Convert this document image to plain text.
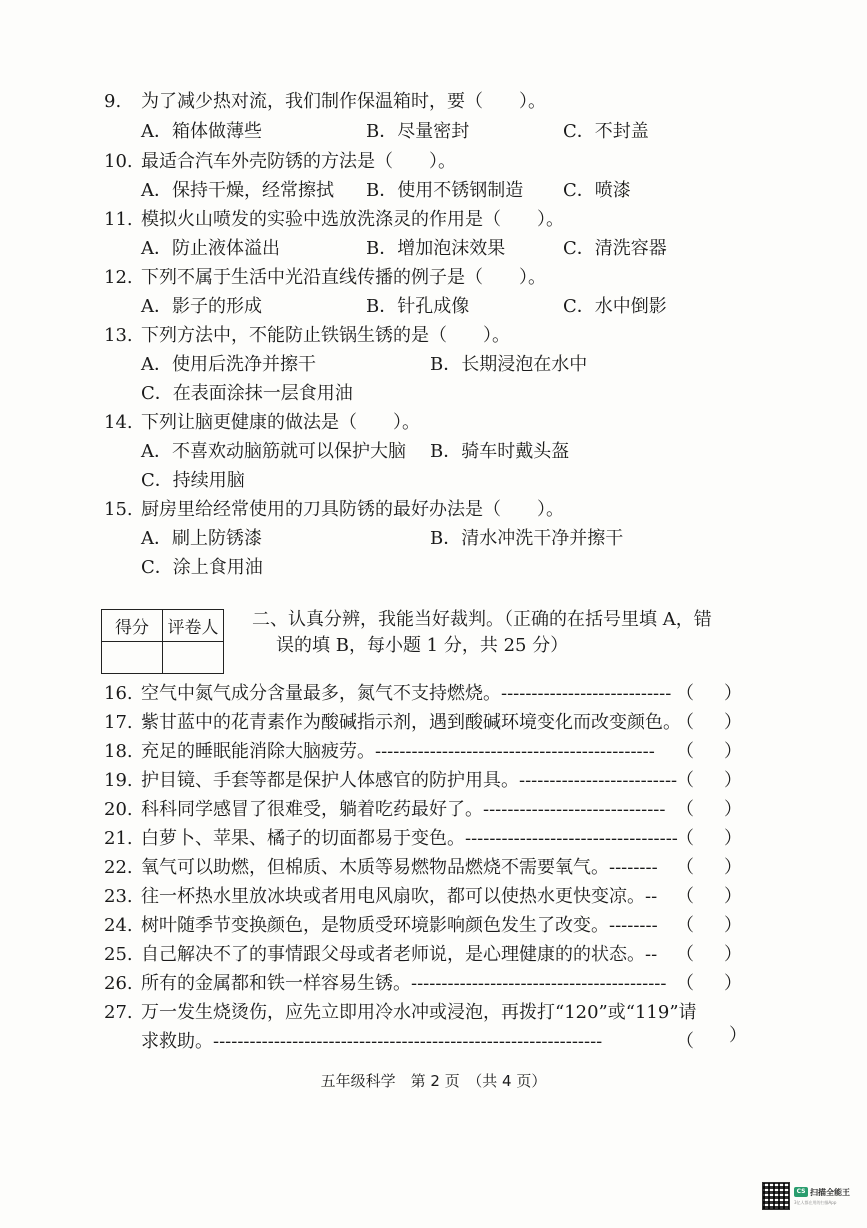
9. 为了减少热对流，我们制作保温箱时，要（　　）。
A．箱体做薄些	B．尽量密封	C．不封盖
10. 最适合汽车外壳防锈的方法是（　　）。
A．保持干燥，经常擦拭 B．使用不锈钢制造 C．喷漆
11. 模拟火山喷发的实验中选放洗涤灵的作用是（　　）。
A．防止液体溢出	B．增加泡沫效果	C．清洗容器
12. 下列不属于生活中光沿直线传播的例子是（　　）。
A．影子的形成	B．针孔成像	C．水中倒影
13. 下列方法中，不能防止铁锅生锈的是（　　）。
A．使用后洗净并擦干	B．长期浸泡在水中
C．在表面涂抹一层食用油
14. 下列让脑更健康的做法是（　　）。
A．不喜欢动脑筋就可以保护大脑 B．骑车时戴头盔
C．持续用脑
15. 厨房里给经常使用的刀具防锈的最好办法是（　　）。
A．刷上防锈漆	B．清水冲洗干净并擦干
C．涂上食用油
得分	评卷人
	二、认真分辨，我能当好裁判。（正确的在括号里填 A，错
误的填 B，每小题 1 分，共 25 分）
16. 空气中氮气成分含量最多，氮气不支持燃烧。---------------------------- （ ）
17. 紫甘蓝中的花青素作为酸碱指示剂，遇到酸碱环境变化而改变颜色。
（ ）
18. 充足的睡眠能消除大脑疲劳。---------------------------------------------- （ ）
19. 护目镜、手套等都是保护人体感官的防护用具。--------------------------
（ ）
20. 科科同学感冒了很难受，躺着吃药最好了。------------------------------ （ ）
21. 白萝卜、苹果、橘子的切面都易于变色。-----------------------------------
（ ）
22. 氧气可以助燃，但棉质、木质等易燃物品燃烧不需要氧气。-------- （ ）
23. 往一杯热水里放冰块或者用电风扇吹，都可以使热水更快变凉。-- （ ）
24. 树叶随季节变换颜色，是物质受环境影响颜色发生了改变。-------- （ ）
25. 自己解决不了的事情跟父母或者老师说，是心理健康的的状态。-- （ ）
26. 所有的金属都和铁一样容易生锈。------------------------------------------ （ ）
27. 万一发生烧烫伤，应先立即用冷水冲或浸泡，再拨打“120”或“119”请
求救助。----------------------------------------------------------------	（ ）
五年级科学　第 2 页　（共 4 页）
CS 扫描全能王
3亿人都在用的扫描App
